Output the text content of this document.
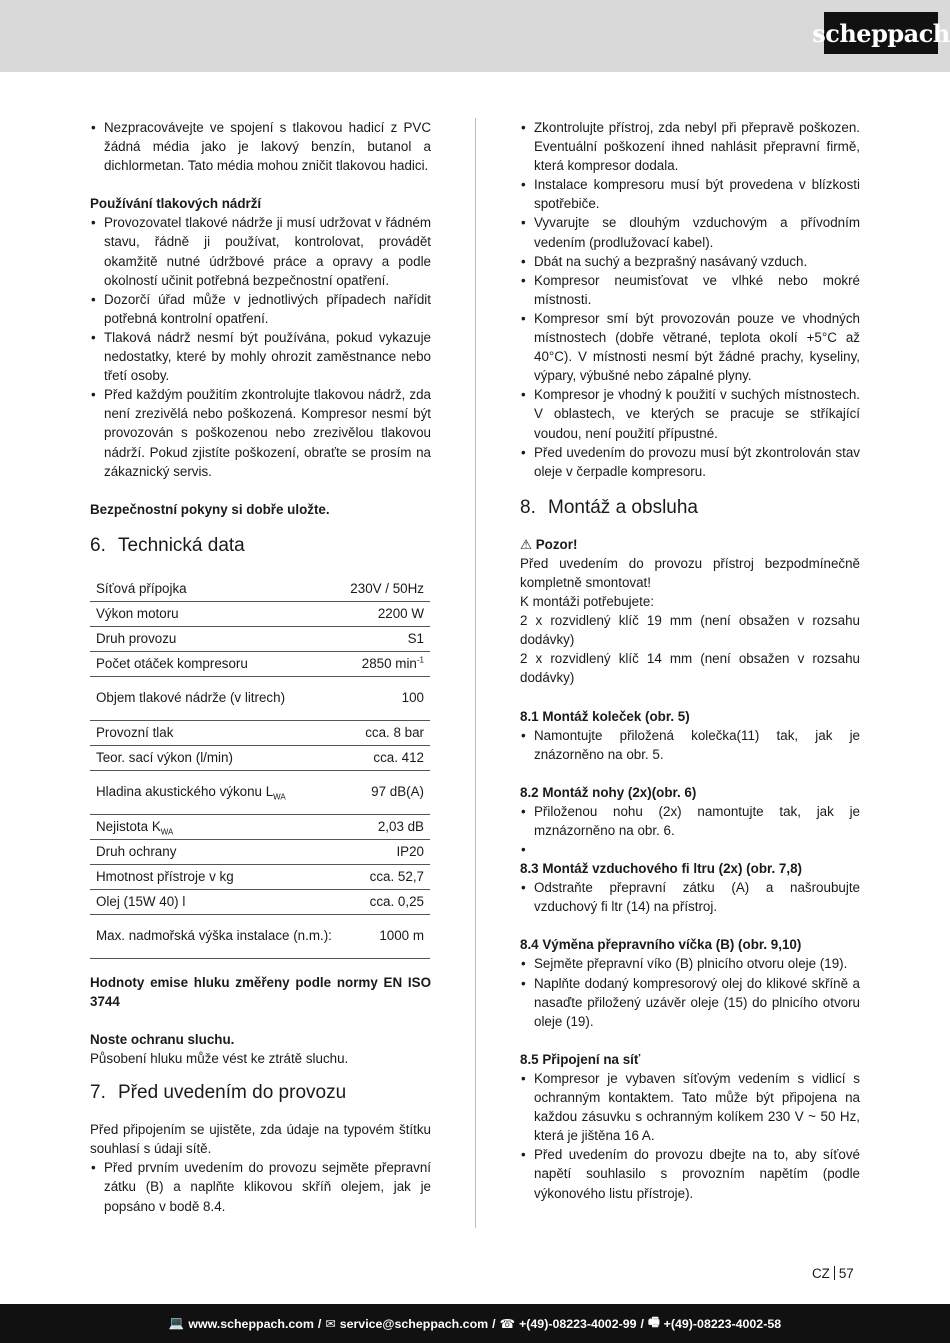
scheppach
• Nezpracovávejte ve spojení s tlakovou hadicí z PVC žádná média jako je lakový benzín, butanol a dichlormetan. Tato média mohou zničit tlakovou hadici.

Používání tlakových nádrží

• Provozovatel tlakové nádrže ji musí udržovat v řádném stavu, řádně ji používat, kontrolovat, provádět okamžitě nutné údržbové práce a opravy a podle okolností učinit potřebná bezpečnostní opatření.
• Dozorčí úřad může v jednotlivých případech nařídit potřebná kontrolní opatření.
• Tlaková nádrž nesmí být používána, pokud vykazuje nedostatky, které by mohly ohrozit zaměstnance nebo třetí osoby.
• Před každým použitím zkontrolujte tlakovou nádrž, zda není zrezivělá nebo poškozená. Kompresor nesmí být provozován s poškozenou nebo zrezivělou tlakovou nádrží. Pokud zjistíte poškození, obraťte se prosím na zákaznický servis.

Bezpečnostní pokyny si dobře uložte.

6. Technická data
Síťová přípojka	230V / 50Hz
Výkon motoru	2200 W
Druh provozu	S1
Počet otáček kompresoru	2850 $\min^{-1}$
Objem tlakové nádrže (v litrech)	100
Provozní tlak	cca. 8 bar
Teor. sací výkon (l/min)	cca. 412
Hladina akustického výkonu $L_{WA}$	97 dB(A)
Nejistota $K_{WA}$	2,03 dB
Druh ochrany	IP20
Hmotnost přístroje v kg	cca. 52,7
Olej (15W 40) l	cca. 0,25
Max. nadmořská výška instalace (n.m.):	1000 m

Hodnoty emise hluku změřeny podle normy EN ISO 3744

Noste ochranu sluchu.

Působení hluku může vést ke ztrátě sluchu.

7. Před uvedením do provozu

Před připojením se ujistěte, zda údaje na typovém štítku souhlasí s údaji sítě.

• Před prvním uvedením do provozu sejměte přepravní zátku (B) a naplňte klikovou skříň olejem, jak je popsáno v bodě 8.4.
• Zkontrolujte přístroj, zda nebyl při přepravě poškozen. Eventuální poškození ihned nahlásit přepravní firmě, která kompresor dodala.
• Instalace kompresoru musí být provedena v blízkosti spotřebiče.
• Vyvarujte se dlouhým vzduchovým a přívodním vedením (prodlužovací kabel).
• Dbát na suchý a bezprašný nasávaný vzduch.
• Kompresor neumisťovat ve vlhké nebo mokré místnosti.
• Kompresor smí být provozován pouze ve vhodných místnostech (dobře větrané, teplota okolí +5°C až 40°C). V místnosti nesmí být žádné prachy, kyseliny, výpary, výbušné nebo zápalné plyny.
• Kompresor je vhodný k použití v suchých místnostech. V oblastech, ve kterých se pracuje se stříkající voudou, není použití přípustné.
• Před uvedením do provozu musí být zkontrolován stav oleje v čerpadle kompresoru.
8. Montáž a obsluha

⚠ Pozor!

Před uvedením do provozu přístroj bezpodmínečně kompletně smontovat!

K montáži potřebujete:

2 x rozvidlený klíč 19 mm (není obsažen v rozsahu dodávky)

2 x rozvidlený klíč 14 mm (není obsažen v rozsahu dodávky)

8.1 Montáž koleček (obr. 5)

• Namontujte přiložená kolečka(11) tak, jak je znázorněno na obr. 5.

8.2 Montáž nohy (2x)(obr. 6)

• Přiloženou nohu (2x) namontujte tak, jak je mznázorněno na obr. 6.
•

8.3 Montáž vzduchového fi ltru (2x) (obr. 7,8)

• Odstraňte přepravní zátku (A) a našroubujte vzduchový fi ltr (14) na přístroj.

8.4 Výměna přepravního víčka (B) (obr. 9,10)

• Sejměte přepravní víko (B) plnicího otvoru oleje (19).
• Naplňte dodaný kompresorový olej do klikové skříně a nasaďte přiložený uzávěr oleje (15) do plnicího otvoru oleje (19).

8.5 Připojení na síť

• Kompresor je vybaven síťovým vedením s vidlicí s ochranným kontaktem. Tato může být připojena na každou zásuvku s ochranným kolíkem 230 V ~ 50 Hz, která je jištěna 16 A.
• Před uvedením do provozu dbejte na to, aby síťové napětí souhlasilo s provozním napětím (podle výkonového listu přístroje).
CZ 57
💻 www.scheppach.com / ✉ service@scheppach.com / ☎ +(49)-08223-4002-99 / 🖷 +(49)-08223-4002-58
